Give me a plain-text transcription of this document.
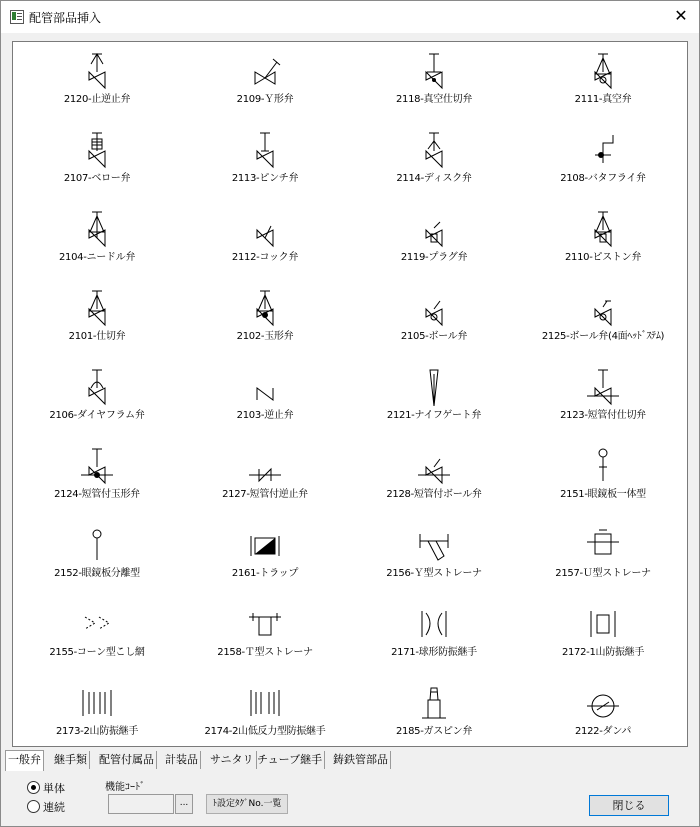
配管部品挿入	✕
2120-止逆止弁	2109-Ｙ形弁	2118-真空仕切弁	2111-真空弁
2107-ベロー弁	2113-ピンチ弁	2114-ディスク弁	2108-バタフライ弁
2104-ニードル弁	2112-コック弁	2119-プラグ弁	2110-ピストン弁
2101-仕切弁	2102-玉形弁	2105-ボール弁	2125-ボール弁(4面ﾍｯﾄﾞｽﾃﾑ)
2106-ダイヤフラム弁	2103-逆止弁	2121-ナイフゲート弁	2123-短管付仕切弁
2124-短管付玉形弁	2127-短管付逆止弁	2128-短管付ボール弁	2151-眼鏡板一体型
2152-眼鏡板分離型	2161-トラップ	2156-Ｙ型ストレーナ	2157-Ｕ型ストレーナ
2155-コーン型こし網	2158-Ｔ型ストレーナ	2171-球形防振継手	2172-1山防振継手
2173-2山防振継手	2174-2山低反力型防振継手	2185-ガスピン弁	2122-ダンパ
一般弁 継手類 配管付属品 計装品 サニタリ チューブ継手 鋳鉄管部品
単体
連続
機能ｺｰﾄﾞ
...	ﾄ設定ﾀｸﾞNo.一覧	閉じる
